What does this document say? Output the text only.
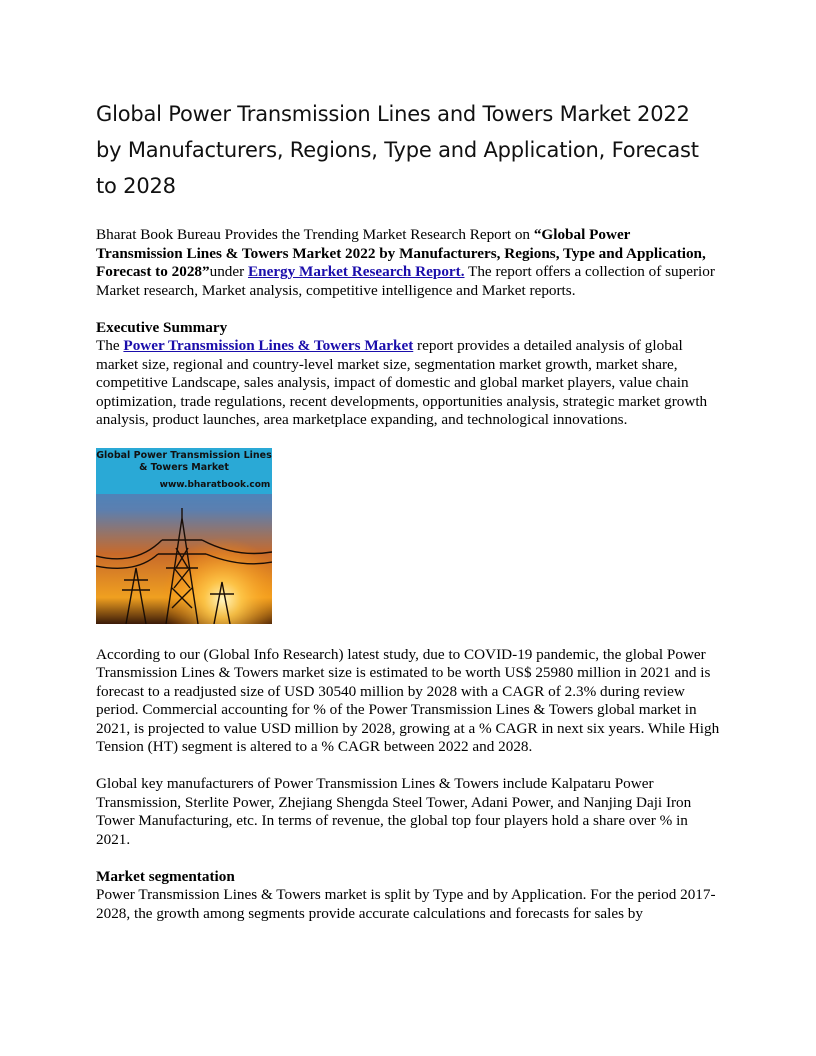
Global Power Transmission Lines and Towers Market 2022 by Manufacturers, Regions, Type and Application, Forecast to 2028

Bharat Book Bureau Provides the Trending Market Research Report on “Global Power Transmission Lines & Towers Market 2022 by Manufacturers, Regions, Type and Application, Forecast to 2028”under Energy Market Research Report. The report offers a collection of superior Market research, Market analysis, competitive intelligence and Market reports.

Executive Summary
The Power Transmission Lines & Towers Market report provides a detailed analysis of global market size, regional and country-level market size, segmentation market growth, market share, competitive Landscape, sales analysis, impact of domestic and global market players, value chain optimization, trade regulations, recent developments, opportunities analysis, strategic market growth analysis, product launches, area marketplace expanding, and technological innovations.

Global Power Transmission Lines & Towers Market
www.bharatbook.com

According to our (Global Info Research) latest study, due to COVID-19 pandemic, the global Power Transmission Lines & Towers market size is estimated to be worth US$ 25980 million in 2021 and is forecast to a readjusted size of USD 30540 million by 2028 with a CAGR of 2.3% during review period. Commercial accounting for % of the Power Transmission Lines & Towers global market in 2021, is projected to value USD million by 2028, growing at a % CAGR in next six years. While High Tension (HT) segment is altered to a % CAGR between 2022 and 2028.

Global key manufacturers of Power Transmission Lines & Towers include Kalpataru Power Transmission, Sterlite Power, Zhejiang Shengda Steel Tower, Adani Power, and Nanjing Daji Iron Tower Manufacturing, etc. In terms of revenue, the global top four players hold a share over % in 2021.

Market segmentation
Power Transmission Lines & Towers market is split by Type and by Application. For the period 2017-2028, the growth among segments provide accurate calculations and forecasts for sales by
